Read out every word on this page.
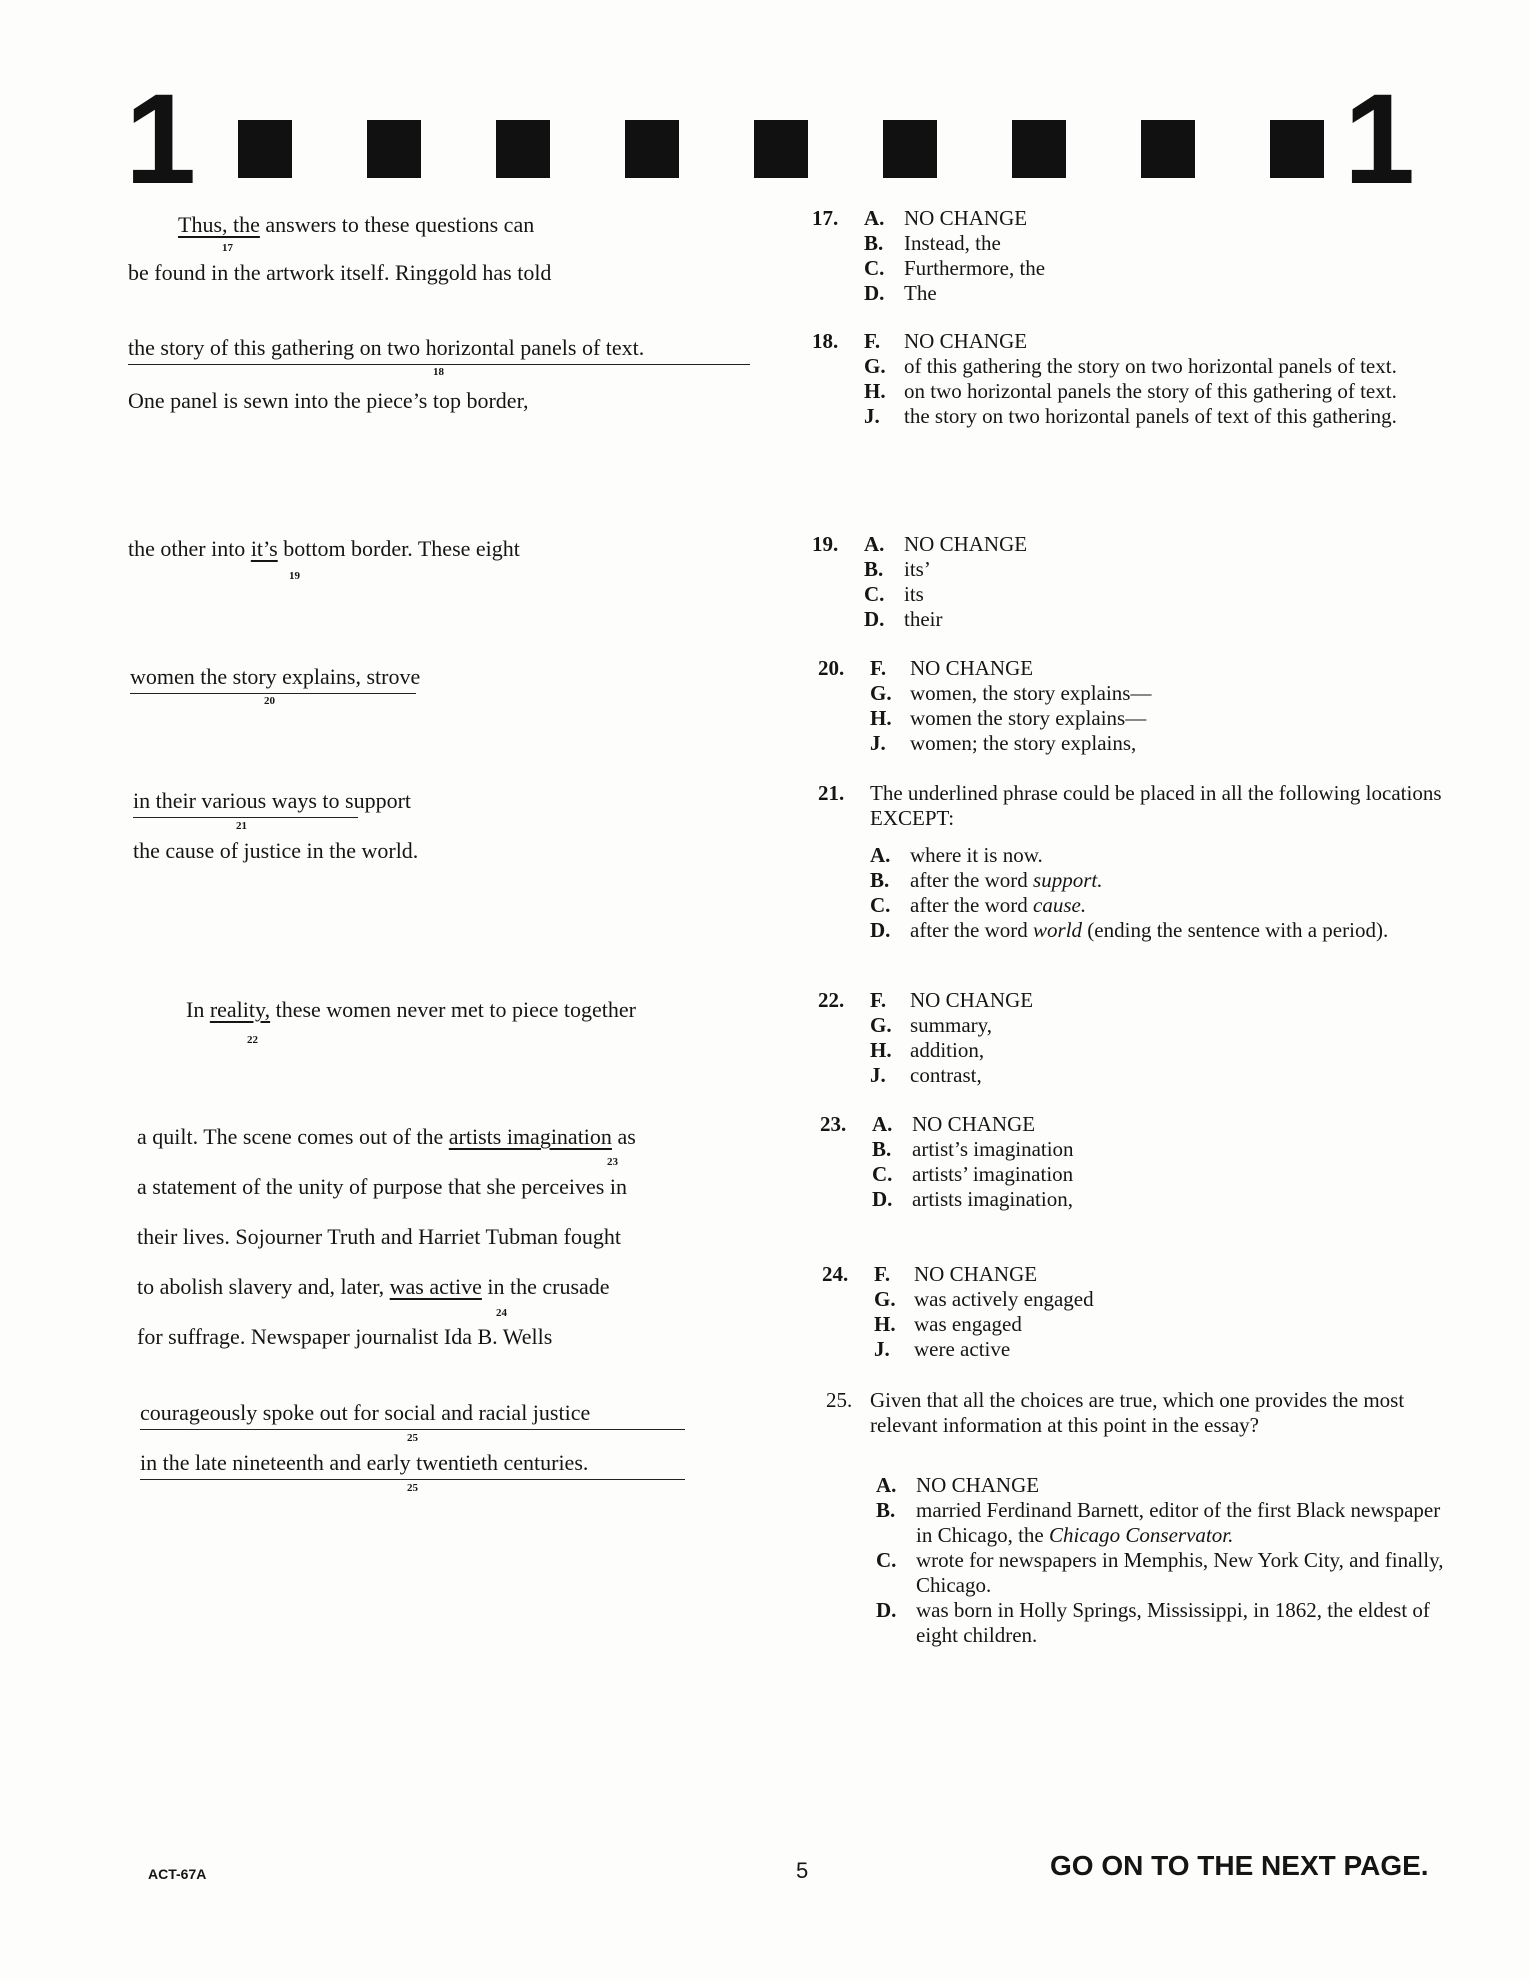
1	1
Thus, the answers to these questions can
17
be found in the artwork itself. Ringgold has told
the story of this gathering on two horizontal panels of text.
18
One panel is sewn into the piece’s top border,
the other into it’s bottom border. These eight
19
women the story explains, strove
20
in their various ways to support
21
the cause of justice in the world.
In reality, these women never met to piece together
22
a quilt. The scene comes out of the artists imagination as
23
a statement of the unity of purpose that she perceives in
their lives. Sojourner Truth and Harriet Tubman fought
to abolish slavery and, later, was active in the crusade
24
for suffrage. Newspaper journalist Ida B. Wells
courageously spoke out for social and racial justice
25
in the late nineteenth and early twentieth centuries.
25
17. A. NO CHANGE
B. Instead, the
C. Furthermore, the
D. The
18. F. NO CHANGE
G. of this gathering the story on two horizontal panels of text.
H. on two horizontal panels the story of this gathering of text.
J. the story on two horizontal panels of text of this gathering.
19. A. NO CHANGE
B. its’
C. its
D. their
20. F. NO CHANGE
G. women, the story explains—
H. women the story explains—
J. women; the story explains,
21. The underlined phrase could be placed in all the following locations EXCEPT:
A. where it is now.
B. after the word support.
C. after the word cause.
D. after the word world (ending the sentence with a period).
22. F. NO CHANGE
G. summary,
H. addition,
J. contrast,
23. A. NO CHANGE
B. artist’s imagination
C. artists’ imagination
D. artists imagination,
24. F. NO CHANGE
G. was actively engaged
H. was engaged
J. were active
25. Given that all the choices are true, which one provides the most relevant information at this point in the essay?
A. NO CHANGE
B. married Ferdinand Barnett, editor of the first Black newspaper in Chicago, the Chicago Conservator.
C. wrote for newspapers in Memphis, New York City, and finally, Chicago.
D. was born in Holly Springs, Mississippi, in 1862, the eldest of eight children.
ACT-67A	5	GO ON TO THE NEXT PAGE.
